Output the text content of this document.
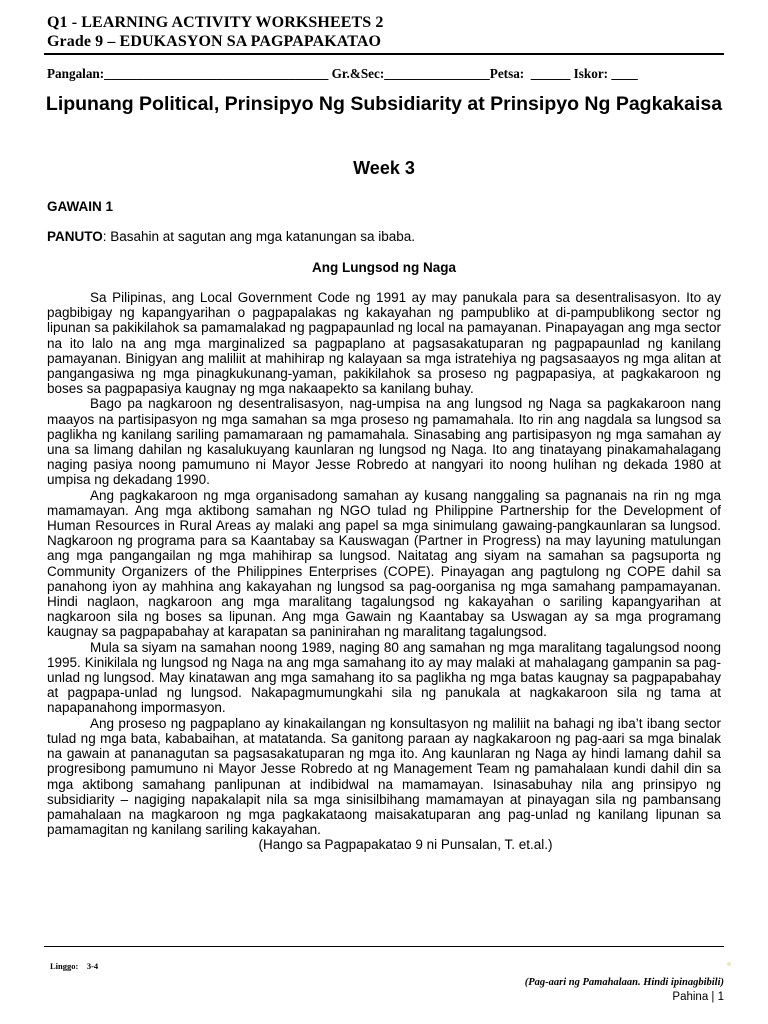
Q1 - LEARNING ACTIVITY WORKSHEETS 2
Grade 9 – EDUKASYON SA PAGPAPAKATAO
Pangalan:__________________________________ Gr.&Sec:________________Petsa:  ______ Iskor: ____
Lipunang Political, Prinsipyo Ng Subsidiarity at Prinsipyo Ng Pagkakaisa
Week 3
GAWAIN 1
PANUTO: Basahin at sagutan ang mga katanungan sa ibaba.
Ang Lungsod ng Naga

Sa Pilipinas, ang Local Government Code ng 1991 ay may panukala para sa desentralisasyon. Ito ay pagbibigay ng kapangyarihan o pagpapalakas ng kakayahan ng pampubliko at di-pampublikong sector ng lipunan sa pakikilahok sa pamamalakad ng pagpapaunlad ng local na pamayanan. Pinapayagan ang mga sector na ito lalo na ang mga marginalized sa pagpaplano at pagsasakatuparan ng pagpapaunlad ng kanilang pamayanan. Binigyan ang maliliit at mahihirap ng kalayaan sa mga istratehiya ng pagsasaayos ng mga alitan at pangangasiwa ng mga pinagkukunang-yaman, pakikilahok sa proseso ng pagpapasiya, at pagkakaroon ng boses sa pagpapasiya kaugnay ng mga nakaapekto sa kanilang buhay.

Bago pa nagkaroon ng desentralisasyon, nag-umpisa na ang lungsod ng Naga sa pagkakaroon nang maayos na partisipasyon ng mga samahan sa mga proseso ng pamamahala. Ito rin ang nagdala sa lungsod sa paglikha ng kanilang sariling pamamaraan ng pamamahala. Sinasabing ang partisipasyon ng mga samahan ay una sa limang dahilan ng kasalukuyang kaunlaran ng lungsod ng Naga. Ito ang tinatayang pinakamahalagang naging pasiya noong pamumuno ni Mayor Jesse Robredo at nangyari ito noong hulihan ng dekada 1980 at umpisa ng dekadang 1990.

Ang pagkakaroon ng mga organisadong samahan ay kusang nanggaling sa pagnanais na rin ng mga mamamayan. Ang mga aktibong samahan ng NGO tulad ng Philippine Partnership for the Development of Human Resources in Rural Areas ay malaki ang papel sa mga sinimulang gawaing-pangkaunlaran sa lungsod. Nagkaroon ng programa para sa Kaantabay sa Kauswagan (Partner in Progress) na may layuning matulungan ang mga pangangailan ng mga mahihirap sa lungsod. Naitatag ang siyam na samahan sa pagsuporta ng Community Organizers of the Philippines Enterprises (COPE). Pinayagan ang pagtulong ng COPE dahil sa panahong iyon ay mahhina ang kakayahan ng lungsod sa pag-oorganisa ng mga samahang pampamayanan. Hindi naglaon, nagkaroon ang mga maralitang tagalungsod ng kakayahan o sariling kapangyarihan at nagkaroon sila ng boses sa lipunan. Ang mga Gawain ng Kaantabay sa Uswagan ay sa mga programang kaugnay sa pagpapabahay at karapatan sa paninirahan ng maralitang tagalungsod.

Mula sa siyam na samahan noong 1989, naging 80 ang samahan ng mga maralitang tagalungsod noong 1995. Kinikilala ng lungsod ng Naga na ang mga samahang ito ay may malaki at mahalagang gampanin sa pag-unlad ng lungsod. May kinatawan ang mga samahang ito sa paglikha ng mga batas kaugnay sa pagpapabahay at pagpapa-unlad ng lungsod. Nakapagmumungkahi sila ng panukala at nagkakaroon sila ng tama at napapanahong impormasyon.

Ang proseso ng pagpaplano ay kinakailangan ng konsultasyon ng maliliit na bahagi ng iba’t ibang sector tulad ng mga bata, kababaihan, at matatanda. Sa ganitong paraan ay nagkakaroon ng pag-aari sa mga binalak na gawain at pananagutan sa pagsasakatuparan ng mga ito. Ang kaunlaran ng Naga ay hindi lamang dahil sa progresibong pamumuno ni Mayor Jesse Robredo at ng Management Team ng pamahalaan kundi dahil din sa mga aktibong samahang panlipunan at indibidwal na mamamayan. Isinasabuhay nila ang prinsipyo ng subsidiarity – nagiging napakalapit nila sa mga sinisilbihang mamamayan at pinayagan sila ng pambansang pamahalaan na magkaroon ng mga pagkakataong maisakatuparan ang pag-unlad ng kanilang lipunan sa pamamagitan ng kanilang sariling kakayahan.

(Hango sa Pagpapakatao 9 ni Punsalan, T. et.al.)

Linggo: 3-4
(Pag-aari ng Pamahalaan. Hindi ipinagbibili)
Pahina | 1
